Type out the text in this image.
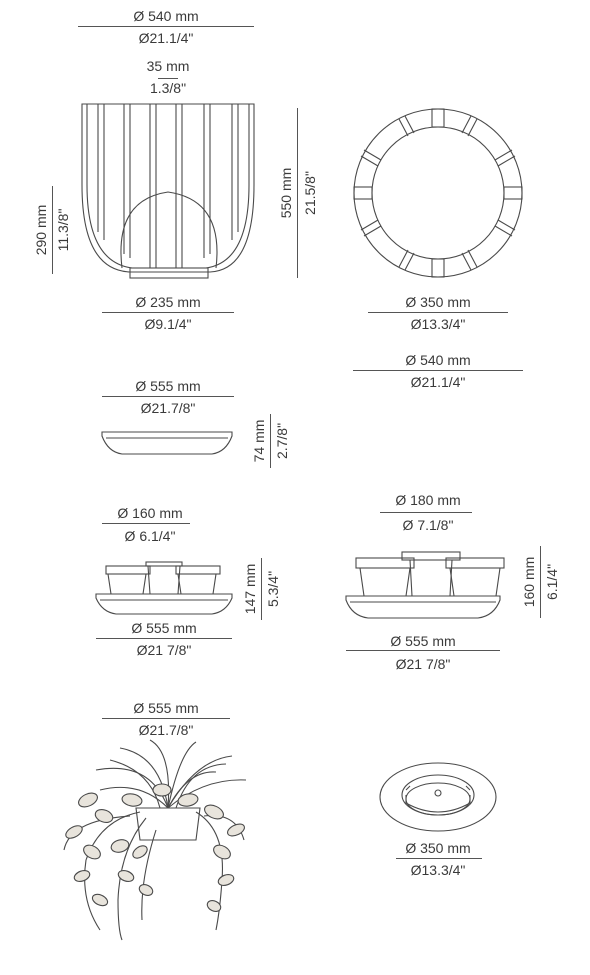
Ø 540 mm
Ø21.1/4"
35 mm
1.3/8"
290 mm 11.3/8"
550 mm 21.5/8"
Ø 235 mm
Ø9.1/4"
Ø 350 mm
Ø13.3/4"
Ø 540 mm
Ø21.1/4"
Ø 555 mm
Ø21.7/8"
74 mm 2.7/8"
Ø 160 mm
Ø 6.1/4"
147 mm 5.3/4"
Ø 555 mm
Ø21 7/8"
Ø 180 mm
Ø 7.1/8"
160 mm 6.1/4"
Ø 555 mm
Ø21 7/8"
Ø 555 mm
Ø21.7/8"
Ø 350 mm
Ø13.3/4"
